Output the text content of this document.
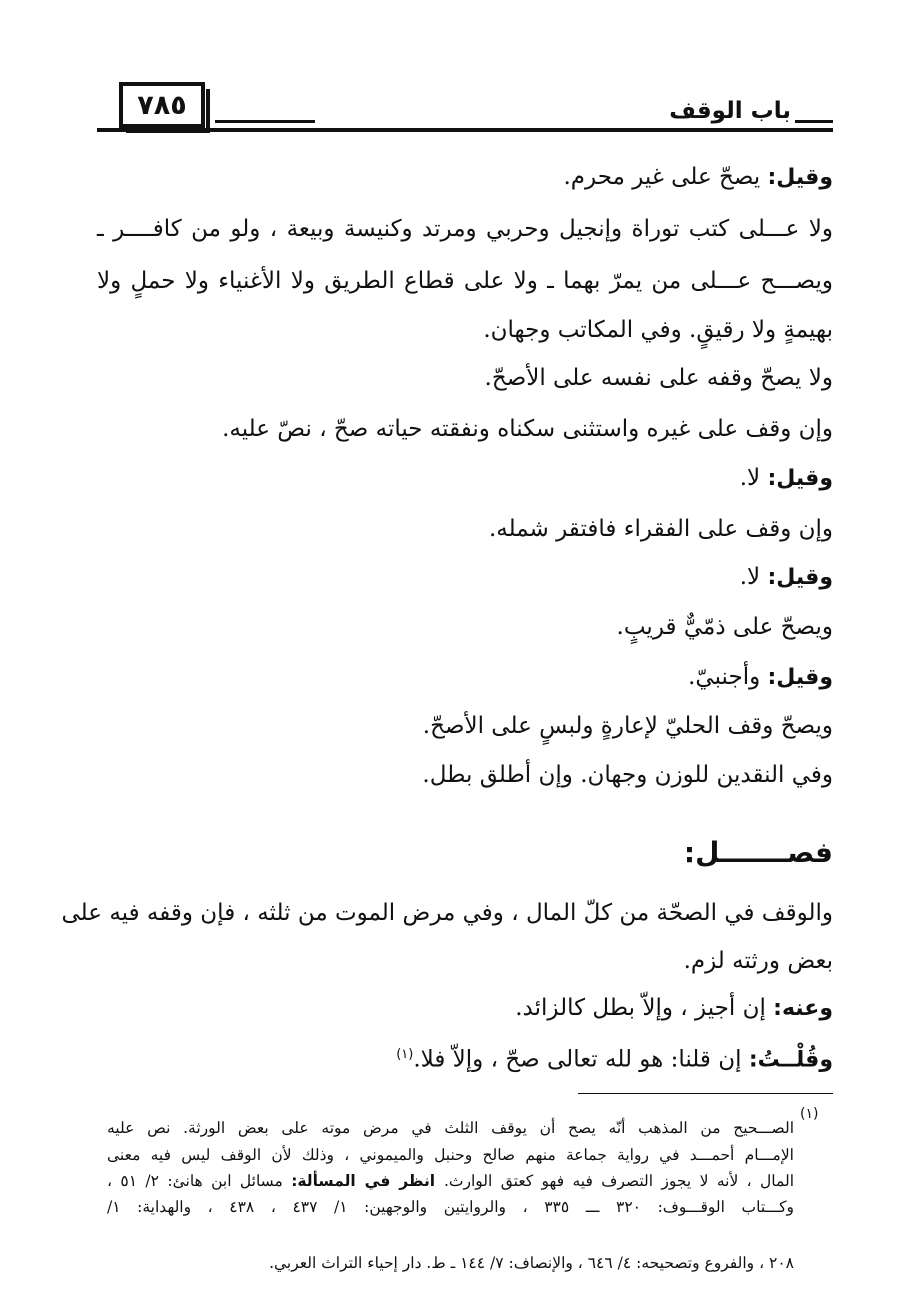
٧٨٥	باب الوقف
وقيل: يصحّ على غير محرم.
ولا عـــلى كتب توراة وإنجيل وحربي ومرتد وكنيسة وبيعة ، ولو من كافــــر ـ
ويصـــح عـــلى من يمرّ بهما ـ ولا على قطاع الطريق ولا الأغنياء ولا حملٍ ولا
بهيمةٍ ولا رقيقٍ. وفي المكاتب وجهان.
ولا يصحّ وقفه على نفسه على الأصحّ.
وإن وقف على غيره واستثنى سكناه ونفقته حياته صحّ ، نصّ عليه.
وقيل: لا.
وإن وقف على الفقراء فافتقر شمله.
وقيل: لا.
ويصحّ على ذمّيٌّ قريبٍ.
وقيل: وأجنبيّ.
ويصحّ وقف الحليّ لإعارةٍ ولبسٍ على الأصحّ.
وفي النقدين للوزن وجهان. وإن أطلق بطل.
فصـــــــل:
والوقف في الصحّة من كلّ المال ، وفي مرض الموت من ثلثه ، فإن وقفه فيه على
بعض ورثته لزم.
وعنه: إن أجيز ، وإلاّ بطل كالزائد.
وقُلْــتُ: إن قلنا: هو لله تعالى صحّ ، وإلاّ فلا.$^{(١)}$
(١)
الصـــحيح من المذهب أنّه يصح أن يوقف الثلث في مرض موته على بعض الورثة. نص عليه
الإمـــام أحمـــد في رواية جماعة منهم صالح وحنبل والميموني ، وذلك لأن الوقف ليس فيه معنى
المال ، لأنه لا يجوز التصرف فيه فهو كعتق الوارث. انظر في المسألة: مسائل ابن هانئ: ٢/ ٥١ ،
وكـــتاب الوقـــوف: ٣٢٠ ـــ ٣٣٥ ، والروايتين والوجهين: ١/ ٤٣٧ ، ٤٣٨ ، والهداية: ١/
٢٠٨ ، والفروع وتصحيحه: ٤/ ٦٤٦ ، والإنصاف: ٧/ ١٤٤ ـ ط. دار إحياء التراث العربي.
